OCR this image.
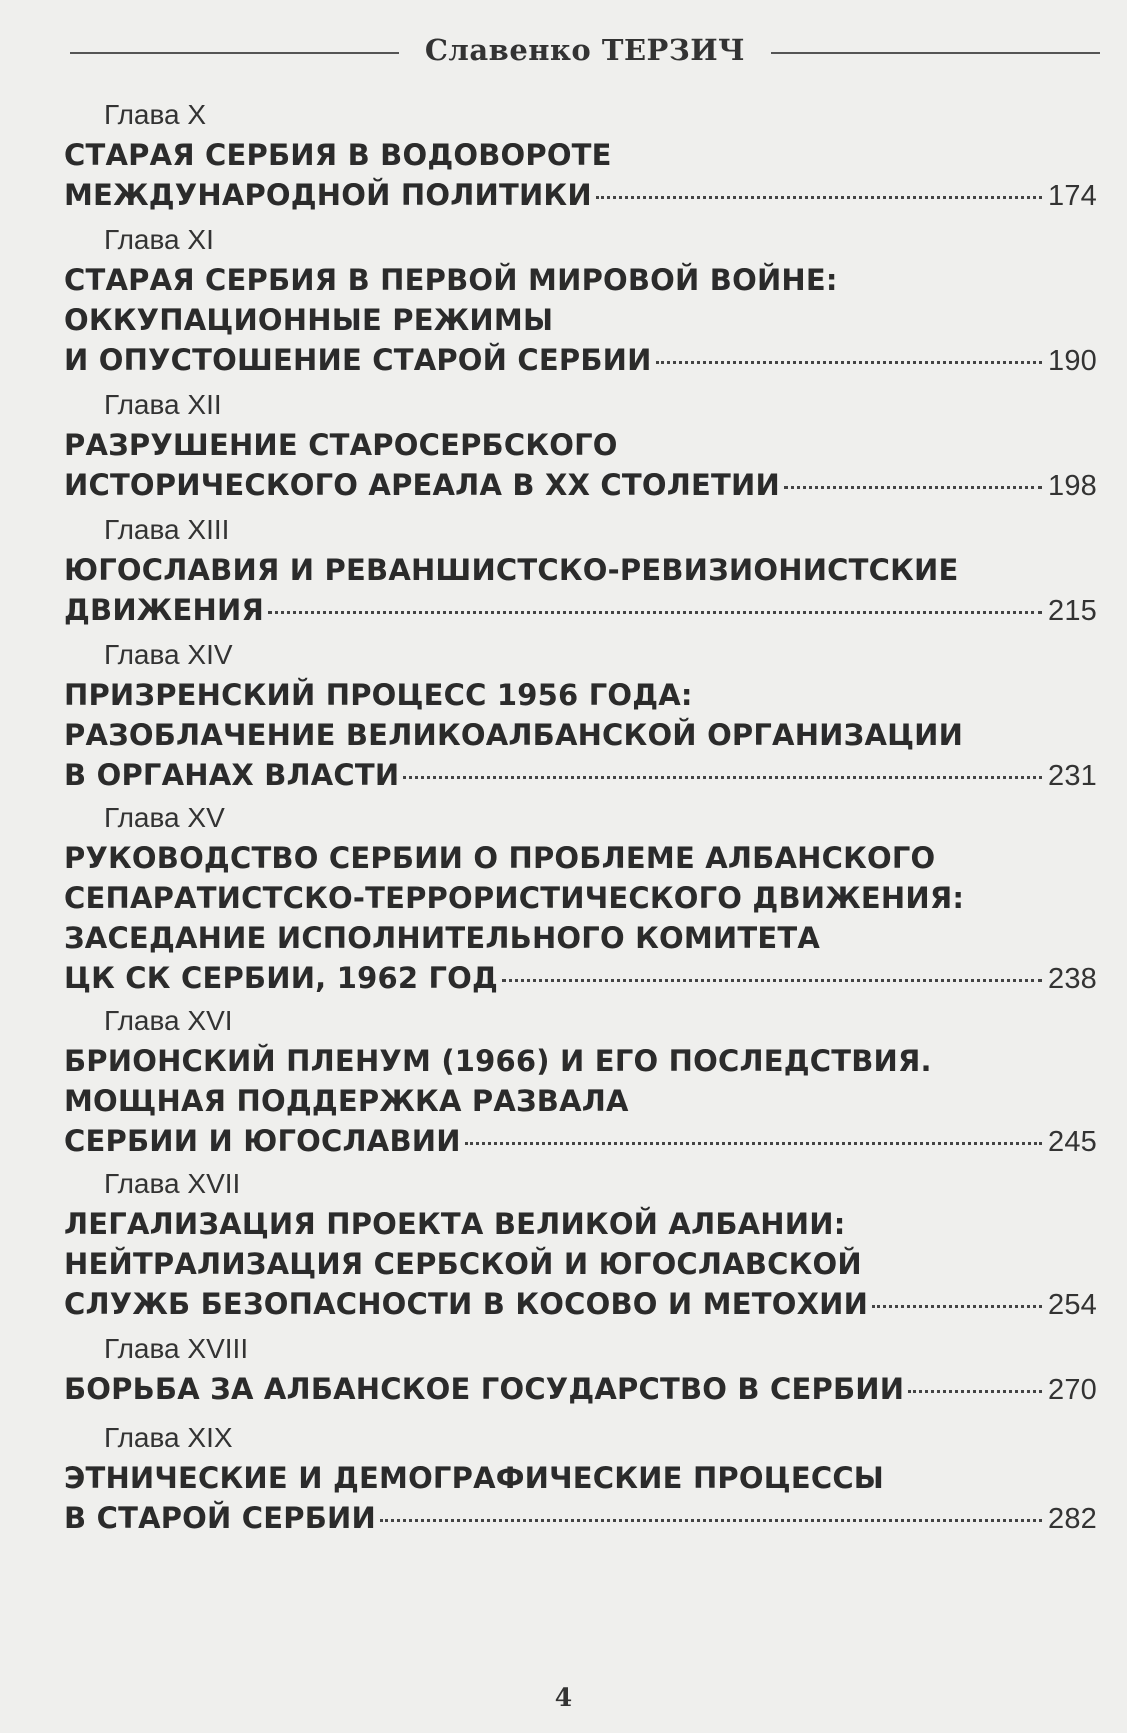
Славенко ТЕРЗИЧ
Глава X
СТАРАЯ СЕРБИЯ В ВОДОВОРОТЕ
МЕЖДУНАРОДНОЙ ПОЛИТИКИ	174
Глава XI
СТАРАЯ СЕРБИЯ В ПЕРВОЙ МИРОВОЙ ВОЙНЕ:
ОККУПАЦИОННЫЕ РЕЖИМЫ
И ОПУСТОШЕНИЕ СТАРОЙ СЕРБИИ	190
Глава XII
РАЗРУШЕНИЕ СТАРОСЕРБСКОГО
ИСТОРИЧЕСКОГО АРЕАЛА В XX СТОЛЕТИИ	198
Глава XIII
ЮГОСЛАВИЯ И РЕВАНШИСТСКО-РЕВИЗИОНИСТСКИЕ
ДВИЖЕНИЯ	215
Глава XIV
ПРИЗРЕНСКИЙ ПРОЦЕСС 1956 ГОДА:
РАЗОБЛАЧЕНИЕ ВЕЛИКОАЛБАНСКОЙ ОРГАНИЗАЦИИ
В ОРГАНАХ ВЛАСТИ	231
Глава XV
РУКОВОДСТВО СЕРБИИ О ПРОБЛЕМЕ АЛБАНСКОГО
СЕПАРАТИСТСКО-ТЕРРОРИСТИЧЕСКОГО ДВИЖЕНИЯ:
ЗАСЕДАНИЕ ИСПОЛНИТЕЛЬНОГО КОМИТЕТА
ЦК СК СЕРБИИ, 1962 ГОД	238
Глава XVI
БРИОНСКИЙ ПЛЕНУМ (1966) И ЕГО ПОСЛЕДСТВИЯ.
МОЩНАЯ ПОДДЕРЖКА РАЗВАЛА
СЕРБИИ И ЮГОСЛАВИИ	245
Глава XVII
ЛЕГАЛИЗАЦИЯ ПРОЕКТА ВЕЛИКОЙ АЛБАНИИ:
НЕЙТРАЛИЗАЦИЯ СЕРБСКОЙ И ЮГОСЛАВСКОЙ
СЛУЖБ БЕЗОПАСНОСТИ В КОСОВО И МЕТОХИИ	254
Глава XVIII
БОРЬБА ЗА АЛБАНСКОЕ ГОСУДАРСТВО В СЕРБИИ	270
Глава XIX
ЭТНИЧЕСКИЕ И ДЕМОГРАФИЧЕСКИЕ ПРОЦЕССЫ
В СТАРОЙ СЕРБИИ	282
4
